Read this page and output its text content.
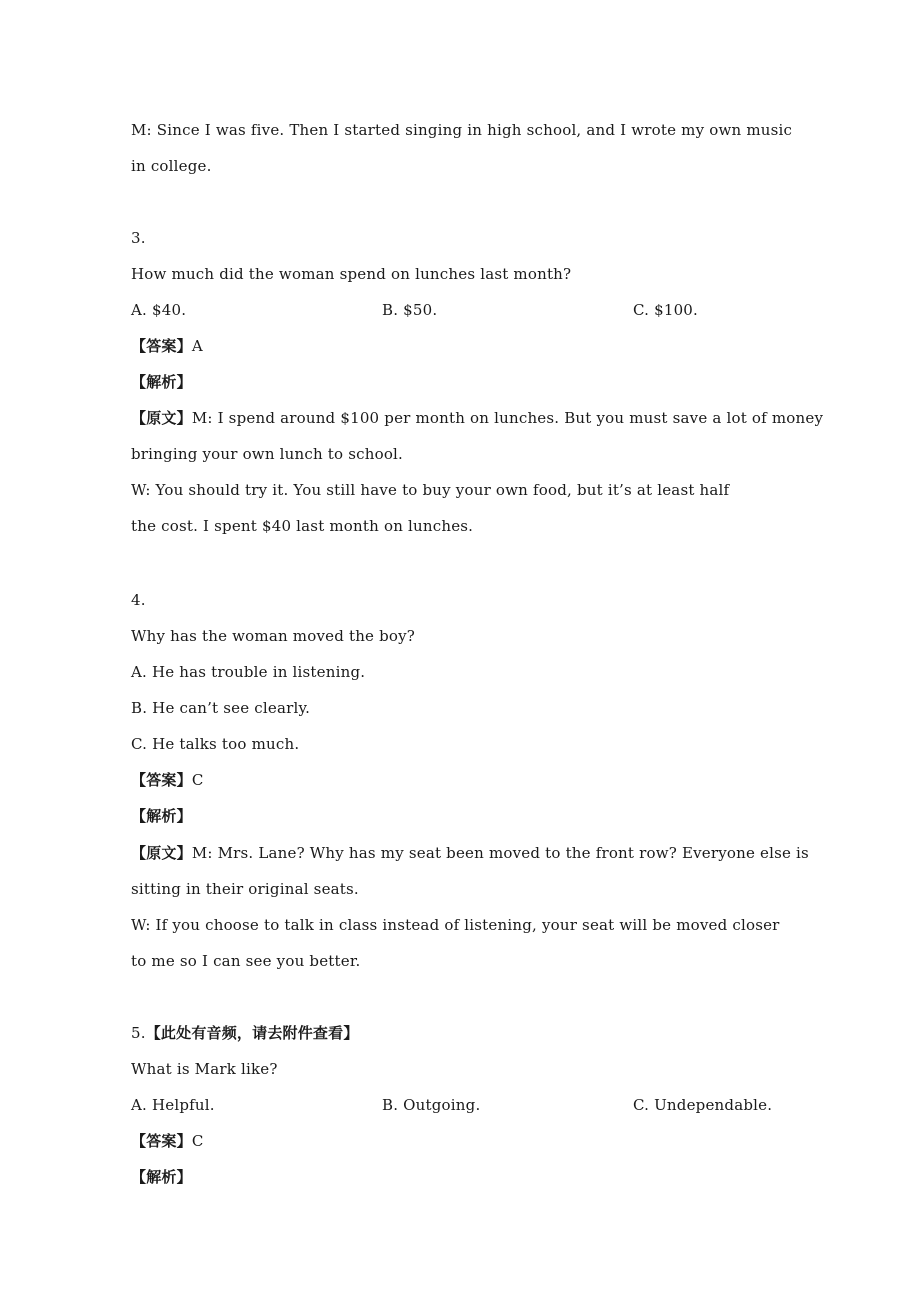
M: Since I was five. Then I started singing in high school, and I wrote my own music
in college.
3.
How much did the woman spend on lunches last month?
A. $40.	B. $50.	C. $100.
【答案】A
【解析】
【原文】M: I spend around $100 per month on lunches. But you must save a lot of money
bringing your own lunch to school.
W: You should try it. You still have to buy your own food, but it’s at least half
the cost. I spent $40 last month on lunches.
4.
Why has the woman moved the boy?
A. He has trouble in listening.
B. He can’t see clearly.
C. He talks too much.
【答案】C
【解析】
【原文】M: Mrs. Lane? Why has my seat been moved to the front row? Everyone else is
sitting in their original seats.
W: If you choose to talk in class instead of listening, your seat will be moved closer
to me so I can see you better.
5.【此处有音频，请去附件查看】
What is Mark like?
A. Helpful.	B. Outgoing.	C. Undependable.
【答案】C
【解析】
